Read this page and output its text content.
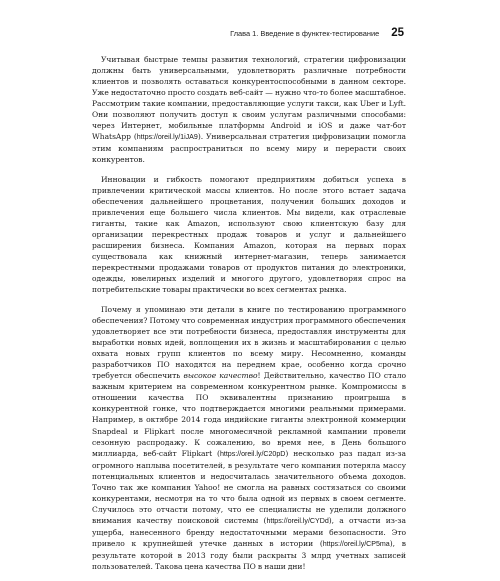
Глава 1. Введение в функтек-тестирование 25

Учитывая быстрые темпы развития технологий, стратегии цифровизации должны быть универсальными, удовлетворять различные потребности клиентов и позволять оставаться конкурентоспособными в данном секторе. Уже недостаточно просто создать веб-сайт — нужно что-то более масштабное. Рассмотрим такие компании, предоставляющие услуги такси, как Uber и Lyft. Они позволяют получить доступ к своим услугам различными способами: через Интернет, мобильные платформы Android и iOS и даже чат-бот WhatsApp (https://oreil.ly/1iJA9). Универсальная стратегия цифровизации помогла этим компаниям распространиться по всему миру и перерасти своих конкурентов.

Инновации и гибкость помогают предприятиям добиться успеха в привлечении критической массы клиентов. Но после этого встает задача обеспечения дальнейшего процветания, получения больших доходов и привлечения еще большего числа клиентов. Мы видели, как отраслевые гиганты, такие как Amazon, используют свою клиентскую базу для организации перекрестных продаж товаров и услуг и дальнейшего расширения бизнеса. Компания Amazon, которая на первых порах существовала как книжный интернет-магазин, теперь занимается перекрестными продажами товаров от продуктов питания до электроники, одежды, ювелирных изделий и многого другого, удовлетворяя спрос на потребительские товары практически во всех сегментах рынка.

Почему я упоминаю эти детали в книге по тестированию программного обеспечения? Потому что современная индустрия программного обеспечения удовлетворяет все эти потребности бизнеса, предоставляя инструменты для выработки новых идей, воплощения их в жизнь и масштабирования с целью охвата новых групп клиентов по всему миру. Несомненно, команды разработчиков ПО находятся на переднем крае, особенно когда срочно требуется обеспечить высокое качество! Действительно, качество ПО стало важным критерием на современном конкурентном рынке. Компромиссы в отношении качества ПО эквивалентны признанию проигрыша в конкурентной гонке, что подтверждается многими реальными примерами. Например, в октябре 2014 года индийские гиганты электронной коммерции Snapdeal и Flipkart после многомесячной рекламной кампании провели сезонную распродажу. К сожалению, во время нее, в День большого миллиарда, веб-сайт Flipkart (https://oreil.ly/C20pD) несколько раз падал из-за огромного наплыва посетителей, в результате чего компания потеряла массу потенциальных клиентов и недосчиталась значительного объема доходов. Точно так же компания Yahoo! не смогла на равных состязаться со своими конкурентами, несмотря на то что была одной из первых в своем сегменте. Случилось это отчасти потому, что ее специалисты не уделили должного внимания качеству поисковой системы (https://oreil.ly/CYDd), а отчасти из-за ущерба, нанесенного бренду недостаточными мерами безопасности. Это привело к крупнейшей утечке данных в истории (https://oreil.ly/CP5ma), в результате которой в 2013 году были раскрыты 3 млрд учетных записей пользователей. Такова цена качества ПО в наши дни!
